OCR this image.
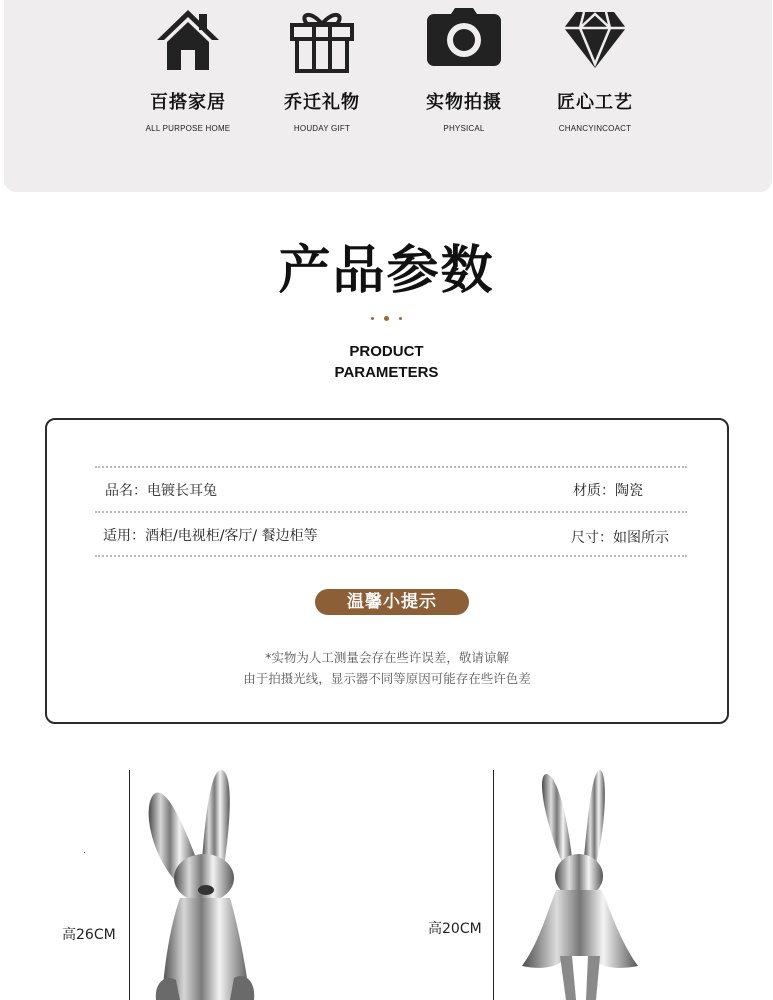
百搭家居
ALL PURPOSE HOME
乔迁礼物
HOUDAY GIFT
实物拍摄
PHYSICAL
匠心工艺
CHANCYINCOACT
产品参数
PRODUCT
PARAMETERS
品名：电镀长耳兔	材质：陶瓷
适用：酒柜/电视柜/客厅/ 餐边柜等	尺寸：如图所示
温馨小提示
*实物为人工测量会存在些许误差，敬请谅解
由于拍摄光线，显示器不同等原因可能存在些许色差
高26CM	高20CM
